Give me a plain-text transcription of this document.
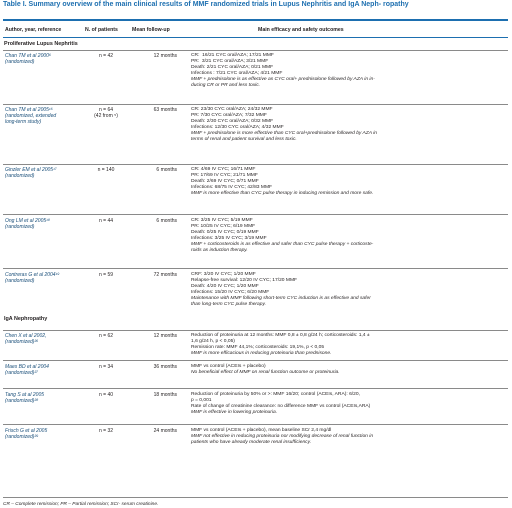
Table I. Summary overview of the main clinical results of MMF randomized trials in Lupus Nephritis and IgA Neph- ropathy
Author, year, reference	N. of patients	Mean follow-up	Main efficacy and safety outcomes
Proliferative Lupus Nephritis
Chan TM et al 2000⁶
(randomized)
n = 42	12 months	CR:  16/21 CYC oral/AZA; 17/21 MMF
PR:  3/21 CYC oral/AZA; 3/21 MMF
Death: 2/21 CYC oral/AZA; 0/21 MMF
Infections : 7/21 CYC oral/AZA; 4/21 MMF
MMF + prednisolone is as effective as CYC oral+ prednisolone followed by AZA in in-
ducing CR or PR and less toxic.
Chan TM et al 2005¹⁶
(randomized, extended
long-term study)
n = 64
(42 from ⁵)
63 months	CR: 23/30 CYC oral/AZA; 24/32 MMF
PR: 7/30 CYC oral/AZA; 7/32 MMF
Death: 2/30 CYC oral/AZA; 0/32 MMF
Infections: 12/30 CYC oral/AZA; 4/32 MMF
MMF + prednisolone is more effective than CYC oral+prednisolone followed by AZA in
terms of renal and patient survival and less toxic.
Ginzler EM et al 2005¹⁷
(randomized)
n = 140	6 months	CR: 4/69 IV CYC; 16/71 MMF
PR: 17/69 IV CYC; 21/71 MMF
Death: 2/69 IV CYC; 0/71 MMF
Infections: 68/75 IV CYC; 42/83 MMF
MMF is more effective than CYC pulse therapy in inducing remission and more safe.
Ong LM et al 2005¹⁸
(randomized)
n = 44	6 months	CR: 3/25 IV CYC; 5/19 MMF
PR: 10/25 IV CYC; 6/19 MMF
Death: 0/25 IV CYC; 0/19 MMF
Infections: 3/25 IV CYC; 3/19 MMF
MMF + corticosteroids is as effective and safer than CYC pulse therapy + corticoste-
roids as induction therapy.
Contreras G et al 2004¹⁹
(randomized)
n = 59	72 months	CRF: 3/20 IV CYC; 1/20 MMF
Relapse-free survival: 12/20 IV CYC; 17/20 MMF
Death: 4/20 IV CYC; 1/20 MMF
Infections: 15/20 IV CYC; 6/20 MMF
Maintenance with MMF following short-term CYC induction is as effective and safer
than long-term CYC pulse therapy.
IgA Nephropathy
Chen X et al 2002,
(randomized)²⁶
n = 62	12 months	Reduction of proteinuria at 12 months: MMF 0,8 ± 0,8 g/24 h; corticosteroids: 1,4 ±
1,6 g/24 h, p < 0,05)
Remission rate: MMF 44,1%; corticosteroids: 19,1%, p < 0,05
MMF is more efficacious in reducing proteinuria than prednisone.
Maes BD et al 2004
(randomized)²⁷
n = 34	36 months	MMF vs control (ACEIs + placebo)
No beneficial effect of MMF on renal function outcome or proteinuria.
Tang S at al 2005
(randomized)²⁸
n = 40	18 months	Reduction of proteinuria by 50% or >: MMF 16/20; control (ACEIs, ARA): 6/20,
p = 0,001
Rate of change of creatinine clearance: no difference MMF vs control (ACEIs,ARA)
MMF is effective in lowering proteinuria.
Frisch G et al 2005
(randomized)²⁹
n = 32	24 months	MMF vs control (ACEIs + placebo), mean baseline SCr 2,4 mg/dl
MMF not effective in reducing proteinuria nor modifying decrease of renal function in
patients who have already moderate renal insufficiency.
CR – Complete remission; PR – Partial remission; SCr- serum creatinine.
